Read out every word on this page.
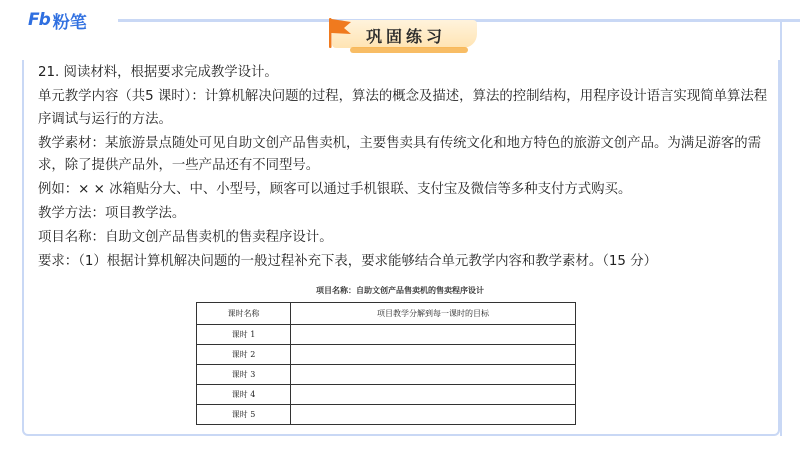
Fb 粉笔
巩固练习

21. 阅读材料，根据要求完成教学设计。

单元教学内容（共5 课时）：计算机解决问题的过程，算法的概念及描述，算法的控制结构，用程序设计语言实现简单算法程序调试与运行的方法。

教学素材：某旅游景点随处可见自助文创产品售卖机，主要售卖具有传统文化和地方特色的旅游文创产品。为满足游客的需求，除了提供产品外，一些产品还有不同型号。

例如：× × 冰箱贴分大、中、小型号，顾客可以通过手机银联、支付宝及微信等多种支付方式购买。

教学方法：项目教学法。

项目名称：自助文创产品售卖机的售卖程序设计。

要求：（1）根据计算机解决问题的一般过程补充下表，要求能够结合单元教学内容和教学素材。（15 分）

项目名称：自助文创产品售卖机的售卖程序设计
课时名称	项目教学分解到每一课时的目标
课时 1	
课时 2	
课时 3	
课时 4	
课时 5	
